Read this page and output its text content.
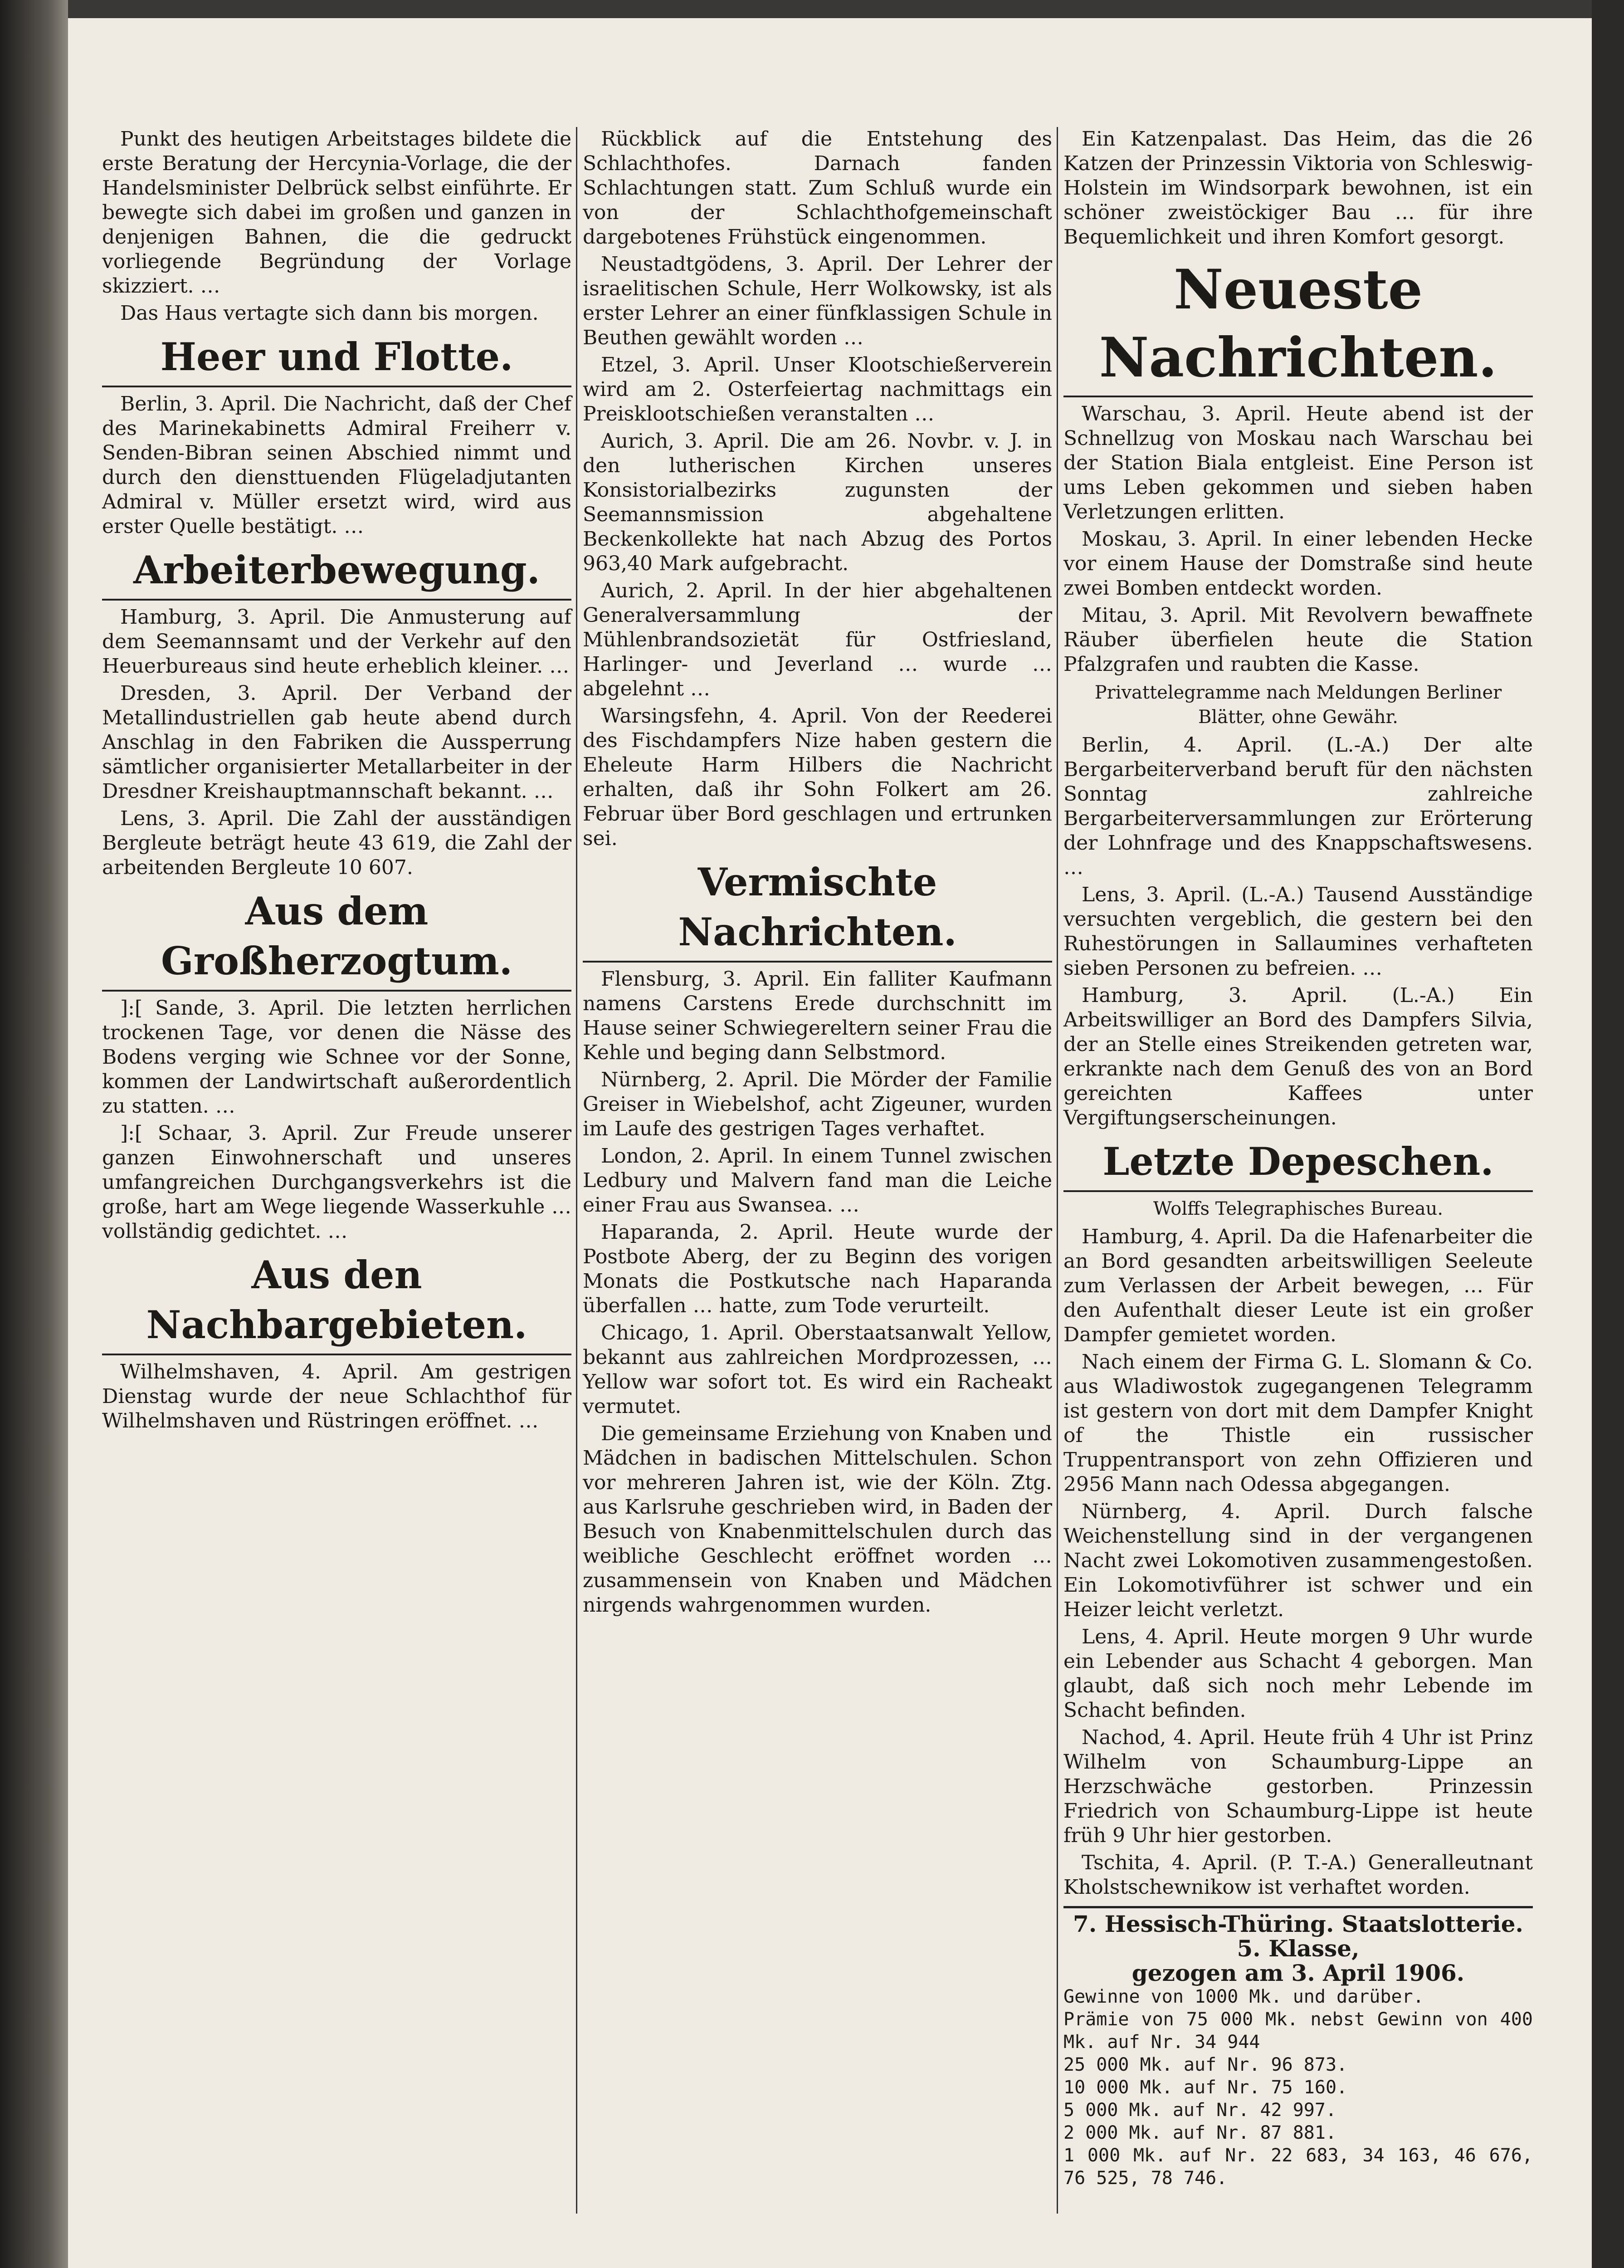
Punkt des heutigen Arbeitstages bildete die erste Beratung der Hercynia-Vorlage, die der Handelsminister Delbrück selbst einführte. Er bewegte sich dabei im großen und ganzen in denjenigen Bahnen, die die gedruckt vorliegende Begründung der Vorlage skizziert. …

Das Haus vertagte sich dann bis morgen.

Heer und Flotte.

Berlin, 3. April. Die Nachricht, daß der Chef des Marinekabinetts Admiral Freiherr v. Senden-Bibran seinen Abschied nimmt und durch den diensttuenden Flügeladjutanten Admiral v. Müller ersetzt wird, wird aus erster Quelle bestätigt. …

Arbeiterbewegung.

Hamburg, 3. April. Die Anmusterung auf dem Seemannsamt und der Verkehr auf den Heuerbureaus sind heute erheblich kleiner. …

Dresden, 3. April. Der Verband der Metallindustriellen gab heute abend durch Anschlag in den Fabriken die Aussperrung sämtlicher organisierter Metallarbeiter in der Dresdner Kreishauptmannschaft bekannt. …

Lens, 3. April. Die Zahl der ausständigen Bergleute beträgt heute 43 619, die Zahl der arbeitenden Bergleute 10 607.

Aus dem Großherzogtum.

]:[ Sande, 3. April. Die letzten herrlichen trockenen Tage, vor denen die Nässe des Bodens verging wie Schnee vor der Sonne, kommen der Landwirtschaft außerordentlich zu statten. …

]:[ Schaar, 3. April. Zur Freude unserer ganzen Einwohnerschaft und unseres umfangreichen Durchgangsverkehrs ist die große, hart am Wege liegende Wasserkuhle … vollständig gedichtet. …

Aus den Nachbargebieten.

Wilhelmshaven, 4. April. Am gestrigen Dienstag wurde der neue Schlachthof für Wilhelmshaven und Rüstringen eröffnet. …

Rückblick auf die Entstehung des Schlachthofes. Darnach fanden Schlachtungen statt. Zum Schluß wurde ein von der Schlachthofgemeinschaft dargebotenes Frühstück eingenommen.

Neustadtgödens, 3. April. Der Lehrer der israelitischen Schule, Herr Wolkowsky, ist als erster Lehrer an einer fünfklassigen Schule in Beuthen gewählt worden …

Etzel, 3. April. Unser Klootschießerverein wird am 2. Osterfeiertag nachmittags ein Preisklootschießen veranstalten …

Aurich, 3. April. Die am 26. Novbr. v. J. in den lutherischen Kirchen unseres Konsistorialbezirks zugunsten der Seemannsmission abgehaltene Beckenkollekte hat nach Abzug des Portos 963,40 Mark aufgebracht.

Aurich, 2. April. In der hier abgehaltenen Generalversammlung der Mühlenbrandsozietät für Ostfriesland, Harlinger- und Jeverland … wurde … abgelehnt …

Warsingsfehn, 4. April. Von der Reederei des Fischdampfers Nize haben gestern die Eheleute Harm Hilbers die Nachricht erhalten, daß ihr Sohn Folkert am 26. Februar über Bord geschlagen und ertrunken sei.

Vermischte Nachrichten.

Flensburg, 3. April. Ein falliter Kaufmann namens Carstens Erede durchschnitt im Hause seiner Schwiegereltern seiner Frau die Kehle und beging dann Selbstmord.

Nürnberg, 2. April. Die Mörder der Familie Greiser in Wiebelshof, acht Zigeuner, wurden im Laufe des gestrigen Tages verhaftet.

London, 2. April. In einem Tunnel zwischen Ledbury und Malvern fand man die Leiche einer Frau aus Swansea. …

Haparanda, 2. April. Heute wurde der Postbote Aberg, der zu Beginn des vorigen Monats die Postkutsche nach Haparanda überfallen … hatte, zum Tode verurteilt.

Chicago, 1. April. Oberstaatsanwalt Yellow, bekannt aus zahlreichen Mordprozessen, … Yellow war sofort tot. Es wird ein Racheakt vermutet.

Die gemeinsame Erziehung von Knaben und Mädchen in badischen Mittelschulen. Schon vor mehreren Jahren ist, wie der Köln. Ztg. aus Karlsruhe geschrieben wird, in Baden der Besuch von Knabenmittelschulen durch das weibliche Geschlecht eröffnet worden … zusammensein von Knaben und Mädchen nirgends wahrgenommen wurden.

Ein Katzenpalast. Das Heim, das die 26 Katzen der Prinzessin Viktoria von Schleswig-Holstein im Windsorpark bewohnen, ist ein schöner zweistöckiger Bau … für ihre Bequemlichkeit und ihren Komfort gesorgt.

Neueste Nachrichten.

Warschau, 3. April. Heute abend ist der Schnellzug von Moskau nach Warschau bei der Station Biala entgleist. Eine Person ist ums Leben gekommen und sieben haben Verletzungen erlitten.

Moskau, 3. April. In einer lebenden Hecke vor einem Hause der Domstraße sind heute zwei Bomben entdeckt worden.

Mitau, 3. April. Mit Revolvern bewaffnete Räuber überfielen heute die Station Pfalzgrafen und raubten die Kasse.

Privattelegramme nach Meldungen Berliner Blätter, ohne Gewähr.

Berlin, 4. April. (L.-A.) Der alte Bergarbeiterverband beruft für den nächsten Sonntag zahlreiche Bergarbeiterversammlungen zur Erörterung der Lohnfrage und des Knappschaftswesens. …

Lens, 3. April. (L.-A.) Tausend Ausständige versuchten vergeblich, die gestern bei den Ruhestörungen in Sallaumines verhafteten sieben Personen zu befreien. …

Hamburg, 3. April. (L.-A.) Ein Arbeitswilliger an Bord des Dampfers Silvia, der an Stelle eines Streikenden getreten war, erkrankte nach dem Genuß des von an Bord gereichten Kaffees unter Vergiftungserscheinungen.

Letzte Depeschen.
Wolffs Telegraphisches Bureau.

Hamburg, 4. April. Da die Hafenarbeiter die an Bord gesandten arbeitswilligen Seeleute zum Verlassen der Arbeit bewegen, … Für den Aufenthalt dieser Leute ist ein großer Dampfer gemietet worden.

Nach einem der Firma G. L. Slomann & Co. aus Wladiwostok zugegangenen Telegramm ist gestern von dort mit dem Dampfer Knight of the Thistle ein russischer Truppentransport von zehn Offizieren und 2956 Mann nach Odessa abgegangen.

Nürnberg, 4. April. Durch falsche Weichenstellung sind in der vergangenen Nacht zwei Lokomotiven zusammengestoßen. Ein Lokomotivführer ist schwer und ein Heizer leicht verletzt.

Lens, 4. April. Heute morgen 9 Uhr wurde ein Lebender aus Schacht 4 geborgen. Man glaubt, daß sich noch mehr Lebende im Schacht befinden.

Nachod, 4. April. Heute früh 4 Uhr ist Prinz Wilhelm von Schaumburg-Lippe an Herzschwäche gestorben. Prinzessin Friedrich von Schaumburg-Lippe ist heute früh 9 Uhr hier gestorben.

Tschita, 4. April. (P. T.-A.) Generalleutnant Kholstschewnikow ist verhaftet worden.

7. Hessisch-Thüring. Staatslotterie.
5. Klasse,
gezogen am 3. April 1906.
Gewinne von 1000 Mk. und darüber.
Prämie von 75 000 Mk. nebst Gewinn von 400 Mk. auf Nr. 34 944
25 000 Mk. auf Nr. 96 873.
10 000 Mk. auf Nr. 75 160.
5 000 Mk. auf Nr. 42 997.
2 000 Mk. auf Nr. 87 881.
1 000 Mk. auf Nr. 22 683, 34 163, 46 676, 76 525, 78 746.
